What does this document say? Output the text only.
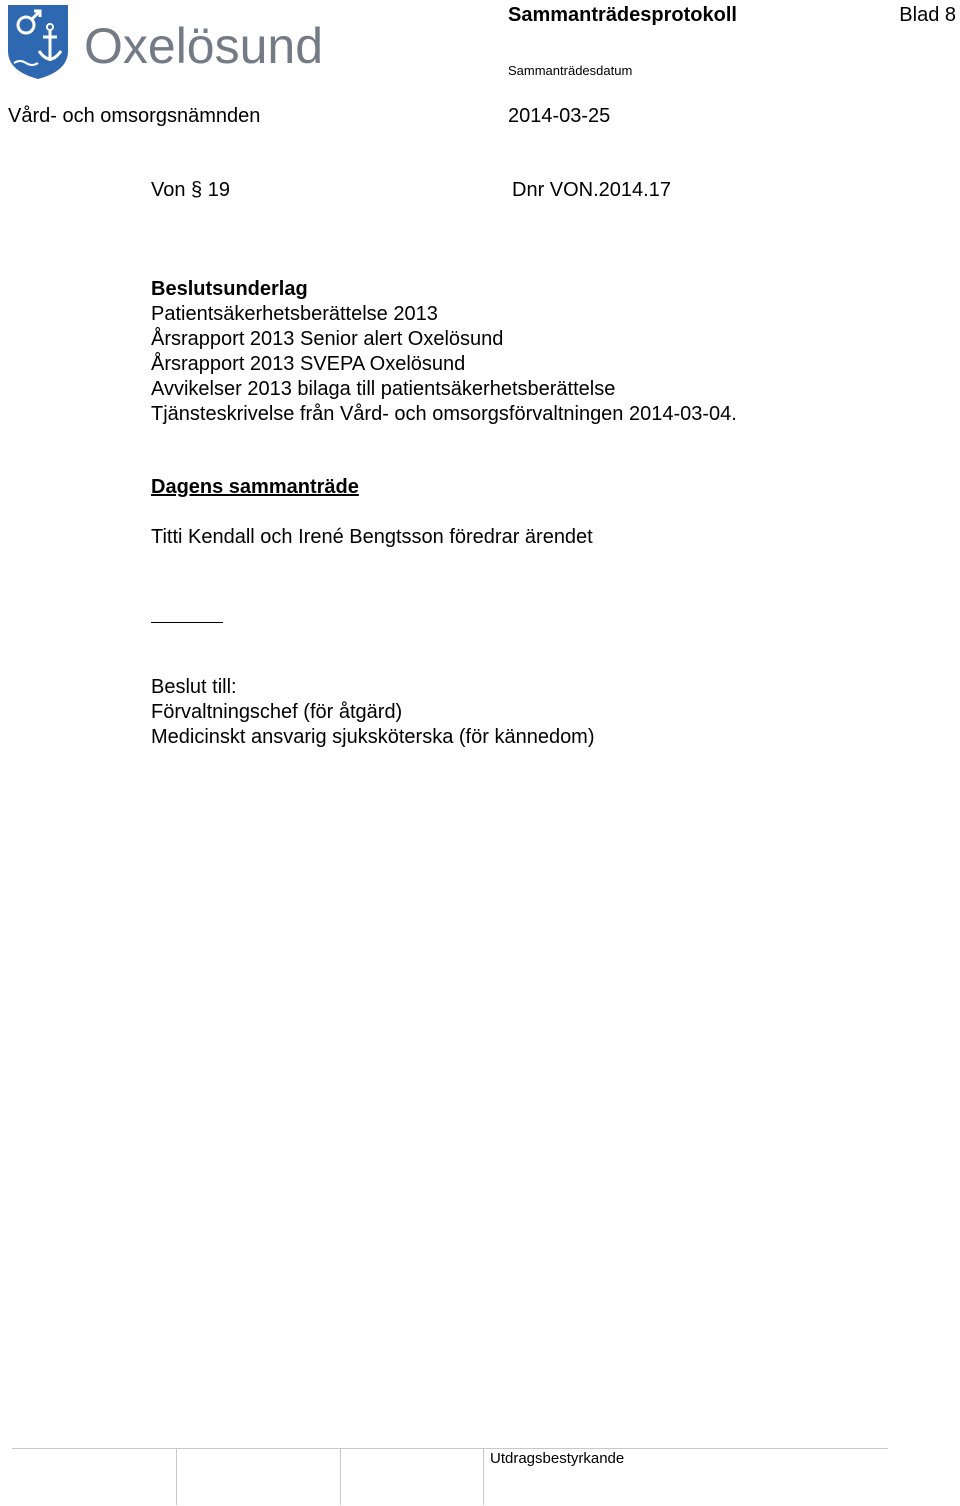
Oxelösund
Sammanträdesprotokoll	Blad 8
Sammanträdesdatum
Vård- och omsorgsnämnden	2014-03-25
Von § 19	Dnr VON.2014.17
Beslutsunderlag
Patientsäkerhetsberättelse 2013
Årsrapport 2013 Senior alert Oxelösund
Årsrapport 2013 SVEPA Oxelösund
Avvikelser 2013 bilaga till patientsäkerhetsberättelse
Tjänsteskrivelse från Vård- och omsorgsförvaltningen 2014-03-04.
Dagens sammanträde
Titti Kendall och Irené Bengtsson föredrar ärendet
Beslut till:
Förvaltningschef (för åtgärd)
Medicinskt ansvarig sjuksköterska (för kännedom)
Utdragsbestyrkande
